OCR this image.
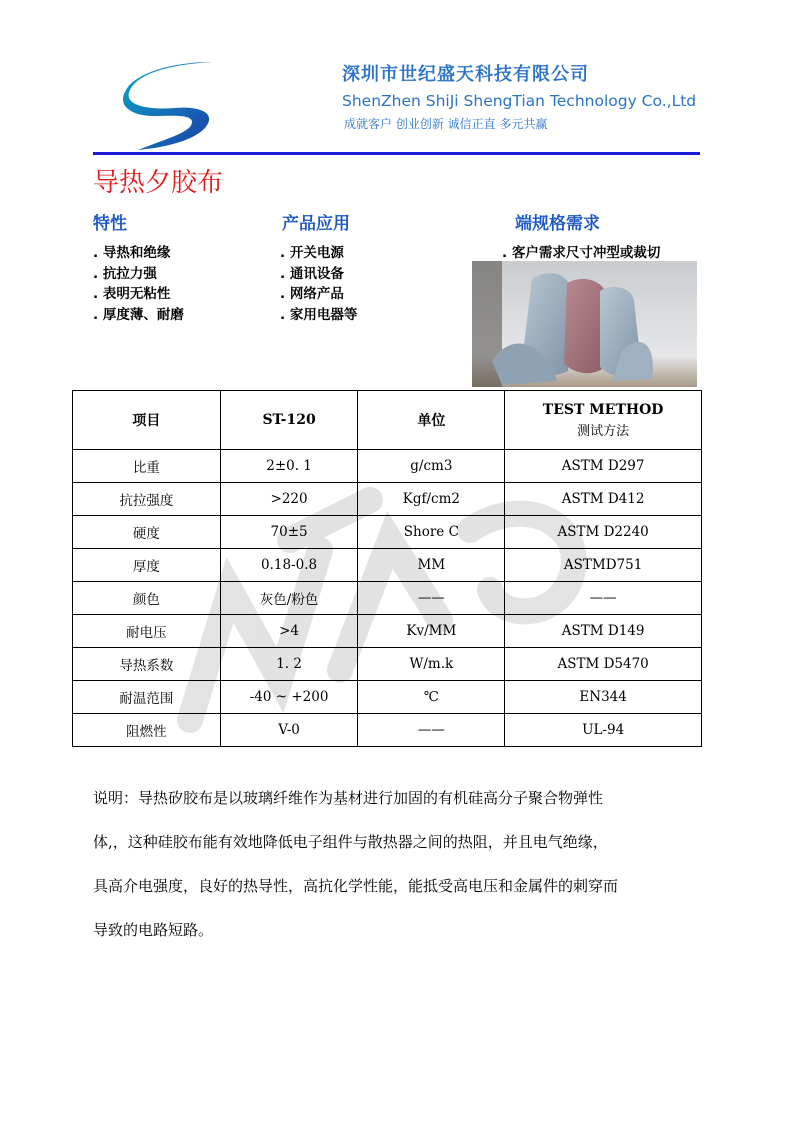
深圳市世纪盛天科技有限公司
ShenZhen ShiJi ShengTian Technology Co.,Ltd
成就客户 创业创新 诚信正直 多元共赢
导热夕胶布
特性	产品应用	端规格需求
. 导热和绝缘
. 抗拉力强
. 表明无粘性
. 厚度薄、耐磨
. 开关电源
. 通讯设备
. 网络产品
. 家用电器等
. 客户需求尺寸冲型或裁切
项目	ST-120	单位	TEST METHOD
测试方法

比重	2±0. 1	g/cm3	ASTM D297
抗拉强度	>220	Kgf/cm2	ASTM D412
硬度	70±5	Shore C	ASTM D2240
厚度	0.18-0.8	MM	ASTMD751
颜色	灰色/粉色	——	——
耐电压	>4	Kv/MM	ASTM D149
导热系数	1. 2	W/m.k	ASTM D5470
耐温范围	-40 ~ +200	℃	EN344
阻燃性	V-0	——	UL-94
说明：导热矽胶布是以玻璃纤维作为基材进行加固的有机硅高分子聚合物弹性
体,，这种硅胶布能有效地降低电子组件与散热器之间的热阻，并且电气绝缘，
具高介电强度，良好的热导性，高抗化学性能，能抵受高电压和金属件的刺穿而
导致的电路短路。
